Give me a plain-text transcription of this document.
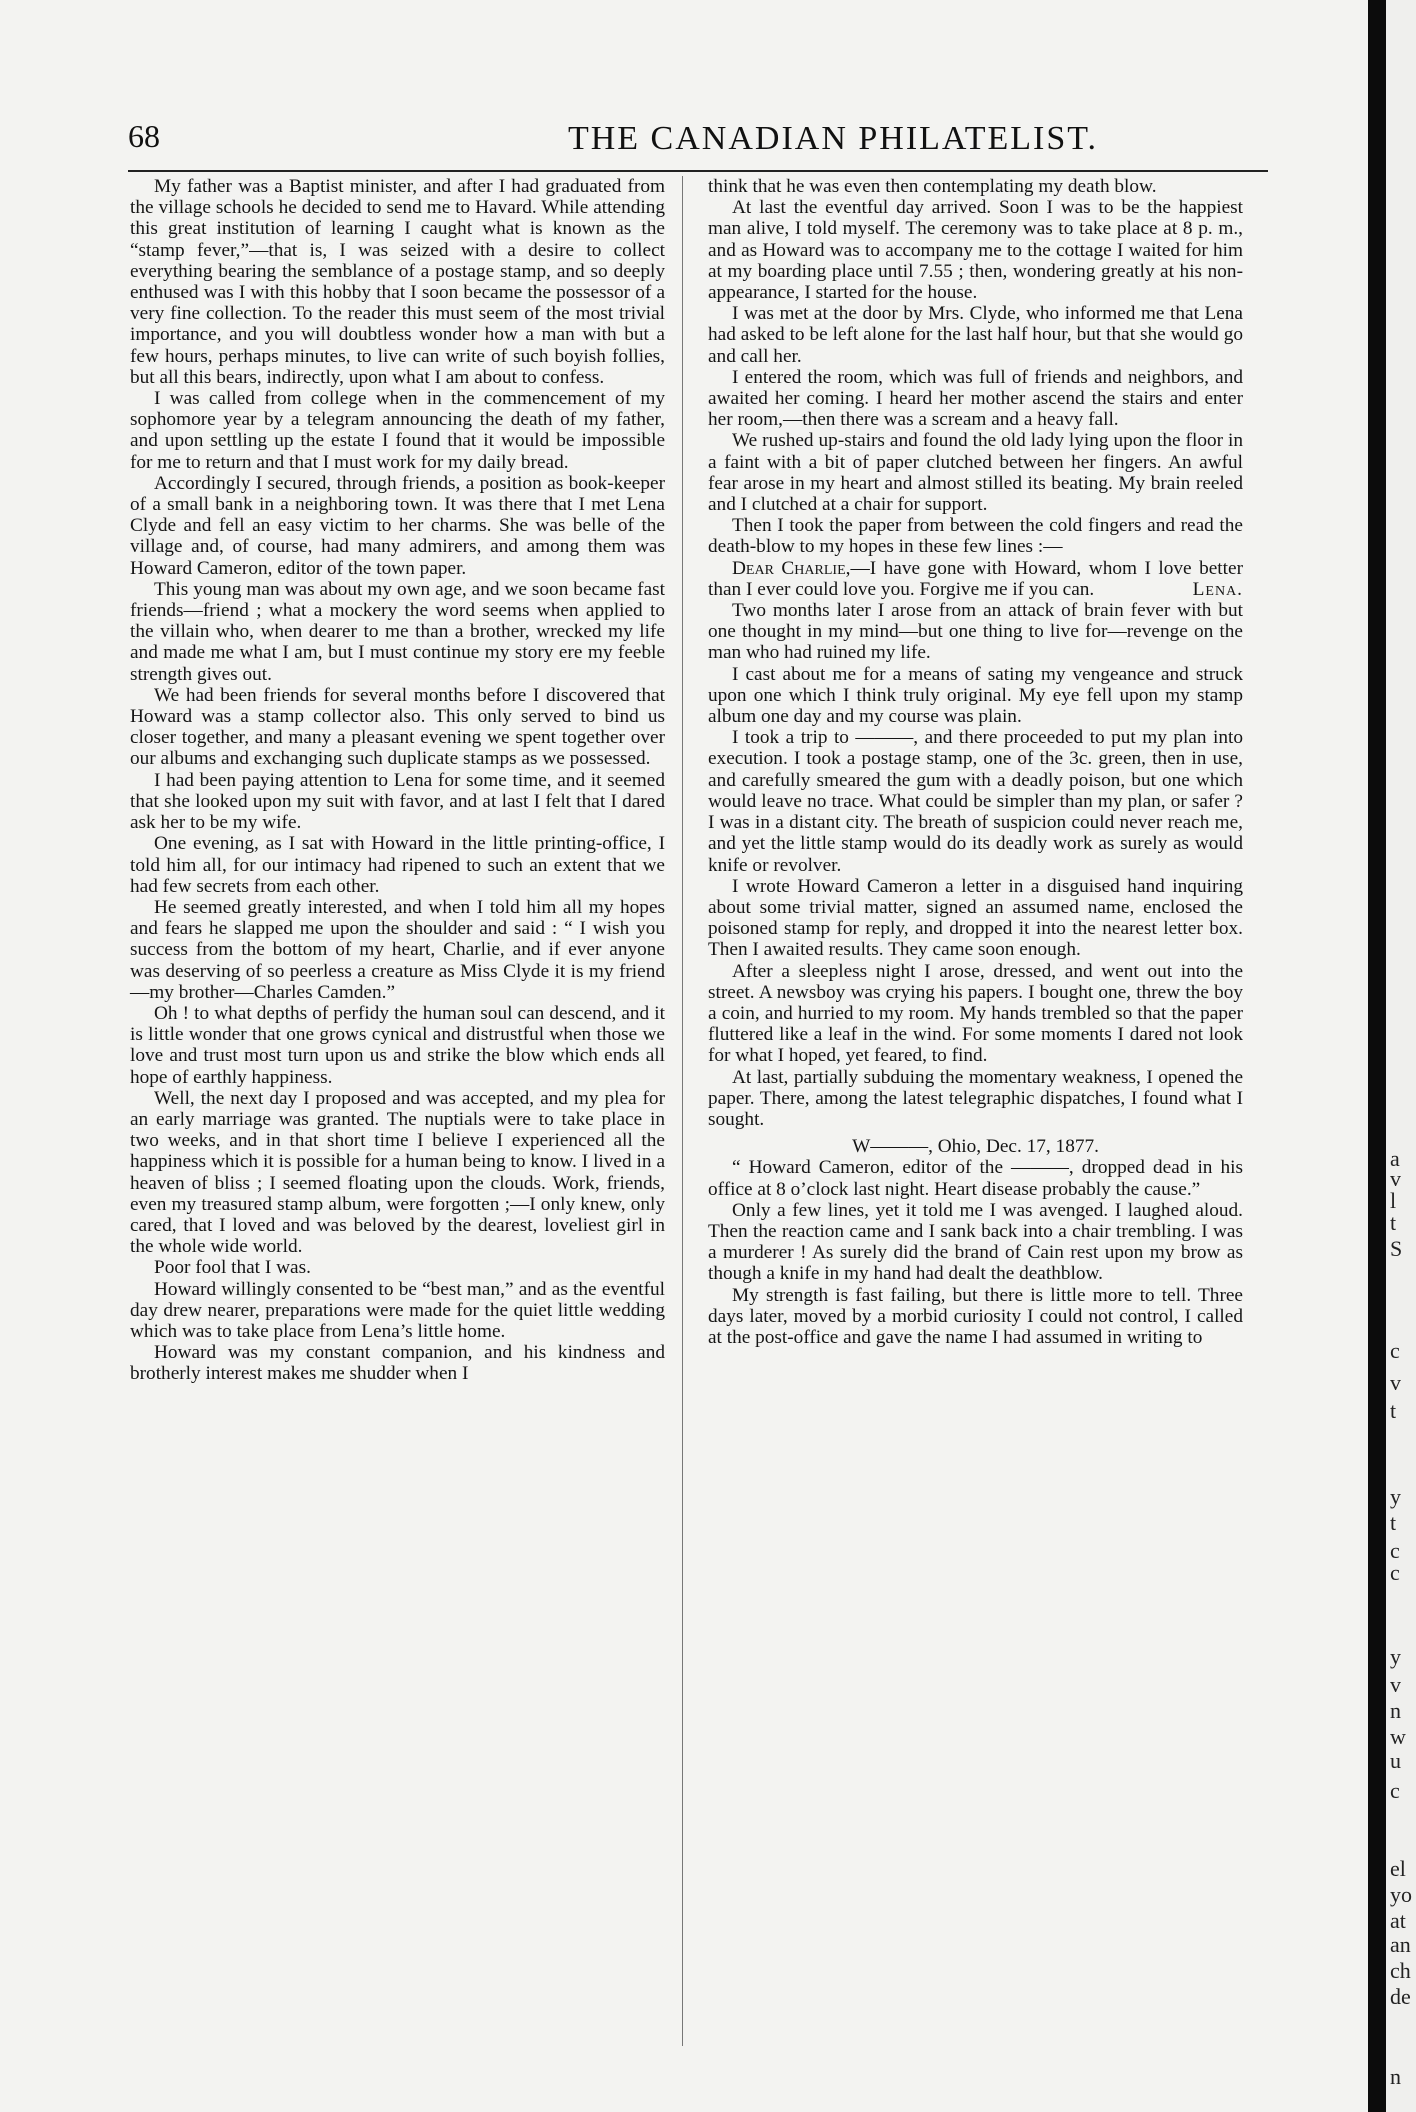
68	THE CANADIAN PHILATELIST.

My father was a Baptist minister, and after I had graduated from the village schools he decided to send me to Havard. While attending this great institution of learning I caught what is known as the “stamp fever,”—that is, I was seized with a desire to collect everything bearing the semblance of a postage stamp, and so deeply enthused was I with this hobby that I soon became the possessor of a very fine collection. To the reader this must seem of the most trivial importance, and you will doubtless wonder how a man with but a few hours, perhaps minutes, to live can write of such boyish follies, but all this bears, indirectly, upon what I am about to confess.

I was called from college when in the commencement of my sophomore year by a telegram announcing the death of my father, and upon settling up the estate I found that it would be impossible for me to return and that I must work for my daily bread.

Accordingly I secured, through friends, a position as book-keeper of a small bank in a neighboring town. It was there that I met Lena Clyde and fell an easy victim to her charms. She was belle of the village and, of course, had many admirers, and among them was Howard Cameron, editor of the town paper.

This young man was about my own age, and we soon became fast friends—friend ; what a mockery the word seems when applied to the villain who, when dearer to me than a brother, wrecked my life and made me what I am, but I must continue my story ere my feeble strength gives out.

We had been friends for several months before I discovered that Howard was a stamp collector also. This only served to bind us closer together, and many a pleasant evening we spent together over our albums and exchanging such duplicate stamps as we possessed.

I had been paying attention to Lena for some time, and it seemed that she looked upon my suit with favor, and at last I felt that I dared ask her to be my wife.

One evening, as I sat with Howard in the little printing-office, I told him all, for our intimacy had ripened to such an extent that we had few secrets from each other.

He seemed greatly interested, and when I told him all my hopes and fears he slapped me upon the shoulder and said : “ I wish you success from the bottom of my heart, Charlie, and if ever anyone was deserving of so peerless a creature as Miss Clyde it is my friend—my brother—Charles Camden.”

Oh ! to what depths of perfidy the human soul can descend, and it is little wonder that one grows cynical and distrustful when those we love and trust most turn upon us and strike the blow which ends all hope of earthly happiness.

Well, the next day I proposed and was accepted, and my plea for an early marriage was granted. The nuptials were to take place in two weeks, and in that short time I believe I experienced all the happiness which it is possible for a human being to know. I lived in a heaven of bliss ; I seemed floating upon the clouds. Work, friends, even my treasured stamp album, were forgotten ;—I only knew, only cared, that I loved and was beloved by the dearest, loveliest girl in the whole wide world.

Poor fool that I was.

Howard willingly consented to be “best man,” and as the eventful day drew nearer, preparations were made for the quiet little wedding which was to take place from Lena’s little home.

Howard was my constant companion, and his kindness and brotherly interest makes me shudder when I

think that he was even then contemplating my death blow.

At last the eventful day arrived. Soon I was to be the happiest man alive, I told myself. The ceremony was to take place at 8 p. m., and as Howard was to accompany me to the cottage I waited for him at my boarding place until 7.55 ; then, wondering greatly at his non-appearance, I started for the house.

I was met at the door by Mrs. Clyde, who informed me that Lena had asked to be left alone for the last half hour, but that she would go and call her.

I entered the room, which was full of friends and neighbors, and awaited her coming. I heard her mother ascend the stairs and enter her room,—then there was a scream and a heavy fall.

We rushed up-stairs and found the old lady lying upon the floor in a faint with a bit of paper clutched between her fingers. An awful fear arose in my heart and almost stilled its beating. My brain reeled and I clutched at a chair for support.

Then I took the paper from between the cold fingers and read the death-blow to my hopes in these few lines :—

Dear Charlie,—I have gone with Howard, whom I love better than I ever could love you. Forgive me if you can.	Lena.

Two months later I arose from an attack of brain fever with but one thought in my mind—but one thing to live for—revenge on the man who had ruined my life.

I cast about me for a means of sating my vengeance and struck upon one which I think truly original. My eye fell upon my stamp album one day and my course was plain.

I took a trip to ———, and there proceeded to put my plan into execution. I took a postage stamp, one of the 3c. green, then in use, and carefully smeared the gum with a deadly poison, but one which would leave no trace. What could be simpler than my plan, or safer ? I was in a distant city. The breath of suspicion could never reach me, and yet the little stamp would do its deadly work as surely as would knife or revolver.

I wrote Howard Cameron a letter in a disguised hand inquiring about some trivial matter, signed an assumed name, enclosed the poisoned stamp for reply, and dropped it into the nearest letter box. Then I awaited results. They came soon enough.

After a sleepless night I arose, dressed, and went out into the street. A newsboy was crying his papers. I bought one, threw the boy a coin, and hurried to my room. My hands trembled so that the paper fluttered like a leaf in the wind. For some moments I dared not look for what I hoped, yet feared, to find.

At last, partially subduing the momentary weakness, I opened the paper. There, among the latest telegraphic dispatches, I found what I sought.

W———, Ohio, Dec. 17, 1877.

“ Howard Cameron, editor of the ———, dropped dead in his office at 8 o’clock last night. Heart disease probably the cause.”

Only a few lines, yet it told me I was avenged. I laughed aloud. Then the reaction came and I sank back into a chair trembling. I was a murderer ! As surely did the brand of Cain rest upon my brow as though a knife in my hand had dealt the deathblow.

My strength is fast failing, but there is little more to tell. Three days later, moved by a morbid curiosity I could not control, I called at the post-office and gave the name I had assumed in writing to

a
v
l
t
S
c
v
t
y
t
c
c
y
v
n
w
u
c
el
yo
at
an
ch
de
n
